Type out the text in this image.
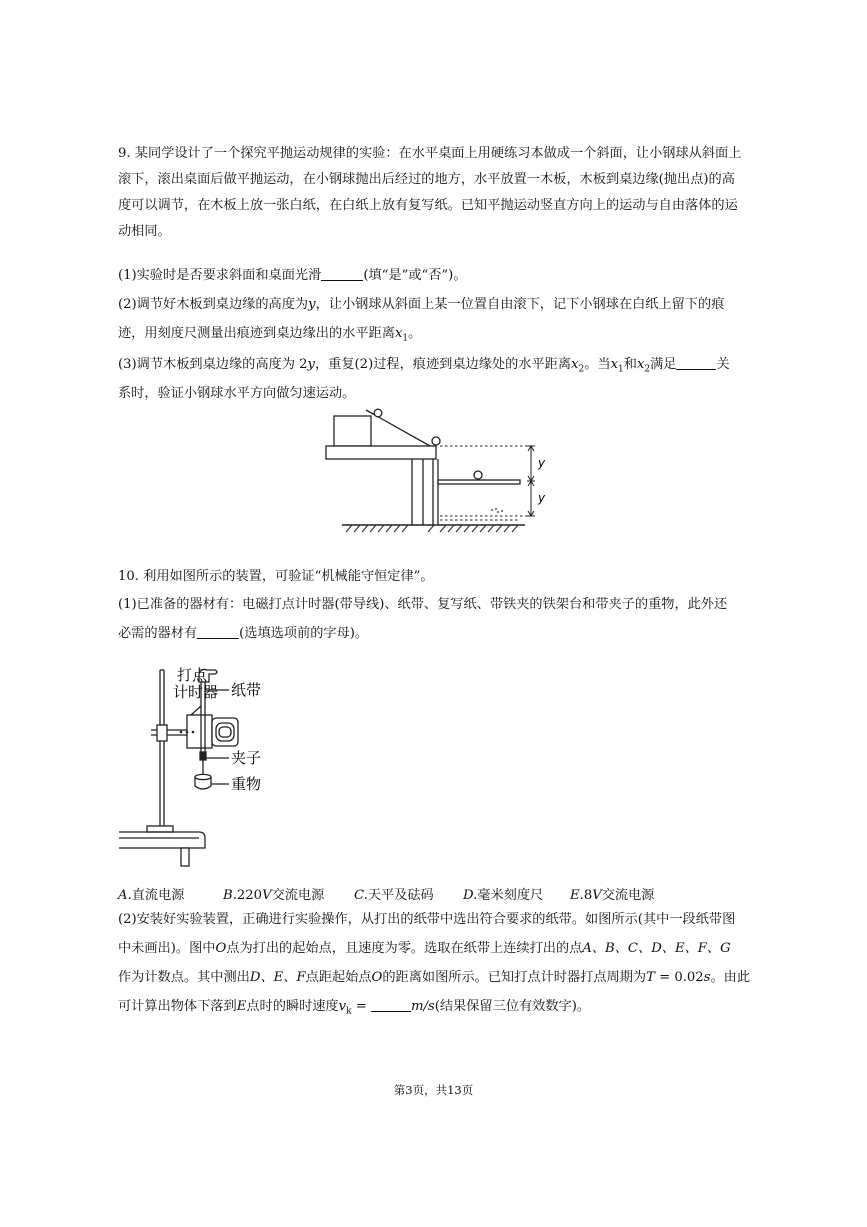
9. 某同学设计了一个探究平抛运动规律的实验：在水平桌面上用硬练习本做成一个斜面，让小钢球从斜面上滚下，滚出桌面后做平抛运动，在小钢球抛出后经过的地方，水平放置一木板，木板到桌边缘(抛出点)的高度可以调节，在木板上放一张白纸，在白纸上放有复写纸。已知平抛运动竖直方向上的运动与自由落体的运动相同。

(1)实验时是否要求斜面和桌面光滑	(填“是”或“否”)。
(2)调节好木板到桌边缘的高度为y，让小钢球从斜面上某一位置自由滚下，记下小钢球在白纸上留下的痕
迹，用刻度尺测量出痕迹到桌边缘出的水平距离$x_1$。
(3)调节木板到桌边缘的高度为 2y，重复(2)过程，痕迹到桌边缘处的水平距离$x_2$。当$x_1$和$x_2$满足	关
系时，验证小钢球水平方向做匀速运动。
y
y
10. 利用如图所示的装置，可验证“机械能守恒定律”。
(1)已准备的器材有：电磁打点计时器(带导线)、纸带、复写纸、带铁夹的铁架台和带夹子的重物，此外还
必需的器材有	(选填选项前的字母)。
打点
计时器 纸带
夹子
重物
A.直流电源	B.220V交流电源 C.天平及砝码 D.毫米刻度尺 E.8V交流电源
(2)安装好实验装置，正确进行实验操作，从打出的纸带中选出符合要求的纸带。如图所示(其中一段纸带图
中未画出)。图中O点为打出的起始点，且速度为零。选取在纸带上连续打出的点A、B、C、D、E、F、G
作为计数点。其中测出D、E、F点距起始点O的距离如图所示。已知打点计时器打点周期为T = 0.02s。由此
可计算出物体下落到E点时的瞬时速度$v_k$ =	m/s(结果保留三位有效数字)。
第3页，共13页
